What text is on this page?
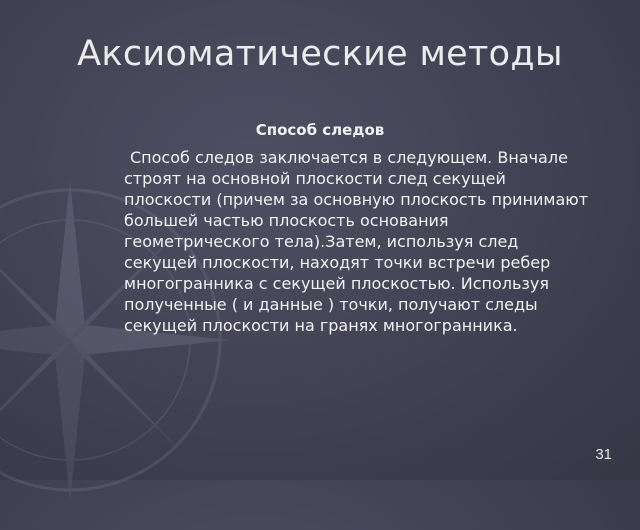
Аксиоматические методы
Способ следов

Способ следов заключается в следующем. Вначале строят на основной плоскости след секущей плоскости (причем за основную плоскость принимают большей частью плоскость основания геометрического тела).Затем, используя след секущей плоскости, находят точки встречи ребер многогранника с секущей плоскостью. Используя полученные ( и данные ) точки, получают следы секущей плоскости на гранях многогранника.

31
